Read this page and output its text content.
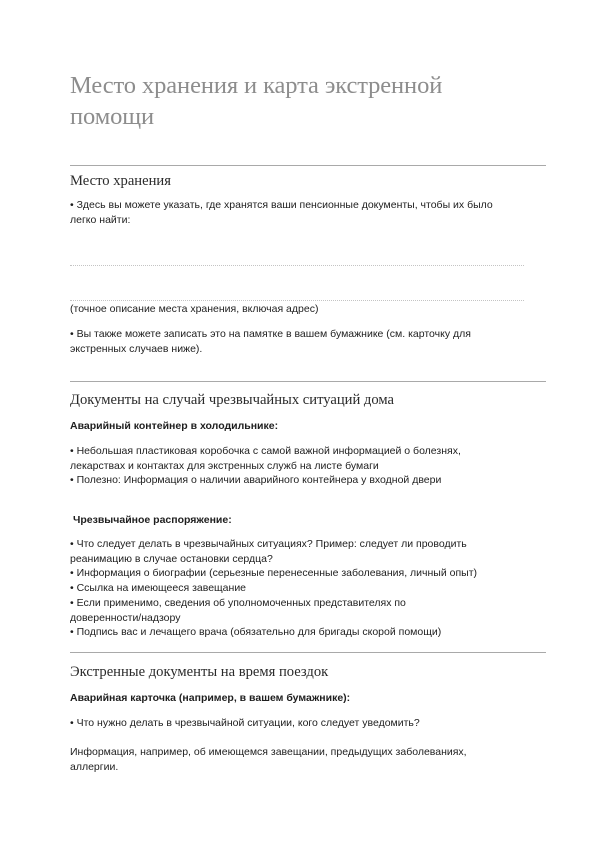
Место хранения и карта экстренной
помощи
Место хранения

• Здесь вы можете указать, где хранятся ваши пенсионные документы, чтобы их было
легко найти:

(точное описание места хранения, включая адрес)

• Вы также можете записать это на памятке в вашем бумажнике (см. карточку для
экстренных случаев ниже).

Документы на случай чрезвычайных ситуаций дома

Аварийный контейнер в холодильнике:

• Небольшая пластиковая коробочка с самой важной информацией о болезнях,
лекарствах и контактах для экстренных служб на листе бумаги

• Полезно: Информация о наличии аварийного контейнера у входной двери

Чрезвычайное распоряжение:

• Что следует делать в чрезвычайных ситуациях? Пример: следует ли проводить
реанимацию в случае остановки сердца?

• Информация о биографии (серьезные перенесенные заболевания, личный опыт)

• Ссылка на имеющееся завещание

• Если применимо, сведения об уполномоченных представителях по
доверенности/надзору

• Подпись вас и лечащего врача (обязательно для бригады скорой помощи)

Экстренные документы на время поездок

Аварийная карточка (например, в вашем бумажнике):

• Что нужно делать в чрезвычайной ситуации, кого следует уведомить?

Информация, например, об имеющемся завещании, предыдущих заболеваниях,
аллергии.
